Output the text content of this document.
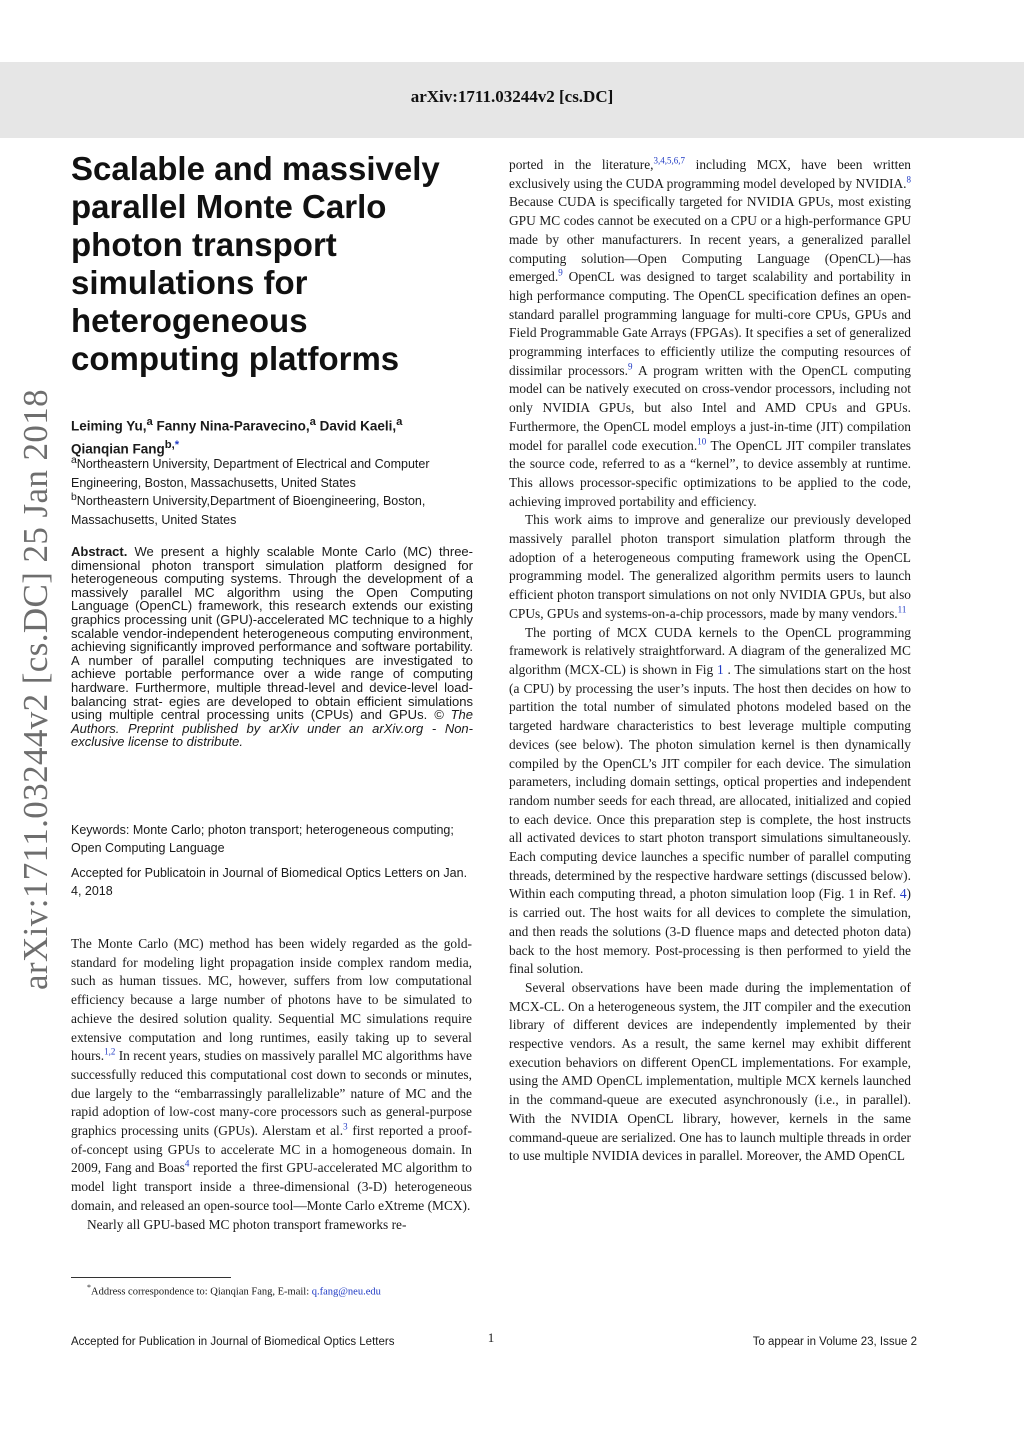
arXiv:1711.03244v2 [cs.DC]
arXiv:1711.03244v2 [cs.DC] 25 Jan 2018
Scalable and massively parallel Monte Carlo photon transport simulations for heterogeneous computing platforms
Leiming Yu,$^a$ Fanny Nina-Paravecino,$^a$ David Kaeli,$^a$
Qianqian Fang$^{b,*}$
$^a$Northeastern University, Department of Electrical and Computer Engineering, Boston, Massachusetts, United States
$^b$Northeastern University,Department of Bioengineering, Boston, Massachusetts, United States
Abstract. We present a highly scalable Monte Carlo (MC) three-dimensional photon transport simulation platform designed for heterogeneous computing systems. Through the development of a massively parallel MC algorithm using the Open Computing Language (OpenCL) framework, this research extends our existing graphics processing unit (GPU)-accelerated MC technique to a highly scalable vendor-independent heterogeneous computing environment, achieving significantly improved performance and software portability. A number of parallel computing techniques are investigated to achieve portable performance over a wide range of computing hardware. Furthermore, multiple thread-level and device-level load-balancing strat- egies are developed to obtain efficient simulations using multiple central processing units (CPUs) and GPUs. © The Authors. Preprint published by arXiv under an arXiv.org - Non-exclusive license to distribute.
Keywords: Monte Carlo; photon transport; heterogeneous computing; Open Computing Language
Accepted for Publicatoin in Journal of Biomedical Optics Letters on Jan. 4, 2018

The Monte Carlo (MC) method has been widely regarded as the gold-standard for modeling light propagation inside complex random media, such as human tissues. MC, however, suffers from low computational efficiency because a large number of photons have to be simulated to achieve the desired solution quality. Sequential MC simulations require extensive computation and long runtimes, easily taking up to several hours.$^{1,2}$ In recent years, studies on massively parallel MC algorithms have successfully reduced this computational cost down to seconds or minutes, due largely to the “embarrassingly parallelizable” nature of MC and the rapid adoption of low-cost many-core processors such as general-purpose graphics processing units (GPUs). Alerstam et al.$^3$ first reported a proof-of-concept using GPUs to accelerate MC in a homogeneous domain. In 2009, Fang and Boas$^4$ reported the first GPU-accelerated MC algorithm to model light transport inside a three-dimensional (3-D) heterogeneous domain, and released an open-source tool—Monte Carlo eXtreme (MCX).

Nearly all GPU-based MC photon transport frameworks re-

ported in the literature,$^{3,4,5,6,7}$ including MCX, have been written exclusively using the CUDA programming model developed by NVIDIA.$^8$ Because CUDA is specifically targeted for NVIDIA GPUs, most existing GPU MC codes cannot be executed on a CPU or a high-performance GPU made by other manufacturers. In recent years, a generalized parallel computing solution—Open Computing Language (OpenCL)—has emerged.$^9$ OpenCL was designed to target scalability and portability in high performance computing. The OpenCL specification defines an open-standard parallel programming language for multi-core CPUs, GPUs and Field Programmable Gate Arrays (FPGAs). It specifies a set of generalized programming interfaces to efficiently utilize the computing resources of dissimilar processors.$^9$ A program written with the OpenCL computing model can be natively executed on cross-vendor processors, including not only NVIDIA GPUs, but also Intel and AMD CPUs and GPUs. Furthermore, the OpenCL model employs a just-in-time (JIT) compilation model for parallel code execution.$^{10}$ The OpenCL JIT compiler translates the source code, referred to as a “kernel”, to device assembly at runtime. This allows processor-specific optimizations to be applied to the code, achieving improved portability and efficiency.

This work aims to improve and generalize our previously developed massively parallel photon transport simulation platform through the adoption of a heterogeneous computing framework using the OpenCL programming model. The generalized algorithm permits users to launch efficient photon transport simulations on not only NVIDIA GPUs, but also CPUs, GPUs and systems-on-a-chip processors, made by many vendors.$^{11}$

The porting of MCX CUDA kernels to the OpenCL programming framework is relatively straightforward. A diagram of the generalized MC algorithm (MCX-CL) is shown in Fig 1 . The simulations start on the host (a CPU) by processing the user’s inputs. The host then decides on how to partition the total number of simulated photons modeled based on the targeted hardware characteristics to best leverage multiple computing devices (see below). The photon simulation kernel is then dynamically compiled by the OpenCL’s JIT compiler for each device. The simulation parameters, including domain settings, optical properties and independent random number seeds for each thread, are allocated, initialized and copied to each device. Once this preparation step is complete, the host instructs all activated devices to start photon transport simulations simultaneously. Each computing device launches a specific number of parallel computing threads, determined by the respective hardware settings (discussed below). Within each computing thread, a photon simulation loop (Fig. 1 in Ref. 4) is carried out. The host waits for all devices to complete the simulation, and then reads the solutions (3-D fluence maps and detected photon data) back to the host memory. Post-processing is then performed to yield the final solution.

Several observations have been made during the implementation of MCX-CL. On a heterogeneous system, the JIT compiler and the execution library of different devices are independently implemented by their respective vendors. As a result, the same kernel may exhibit different execution behaviors on different OpenCL implementations. For example, using the AMD OpenCL implementation, multiple MCX kernels launched in the command-queue are executed asynchronously (i.e., in parallel). With the NVIDIA OpenCL library, however, kernels in the same command-queue are serialized. One has to launch multiple threads in order to use multiple NVIDIA devices in parallel. Moreover, the AMD OpenCL

*Address correspondence to: Qianqian Fang, E-mail: q.fang@neu.edu
Accepted for Publication in Journal of Biomedical Optics Letters	1	To appear in Volume 23, Issue 2
